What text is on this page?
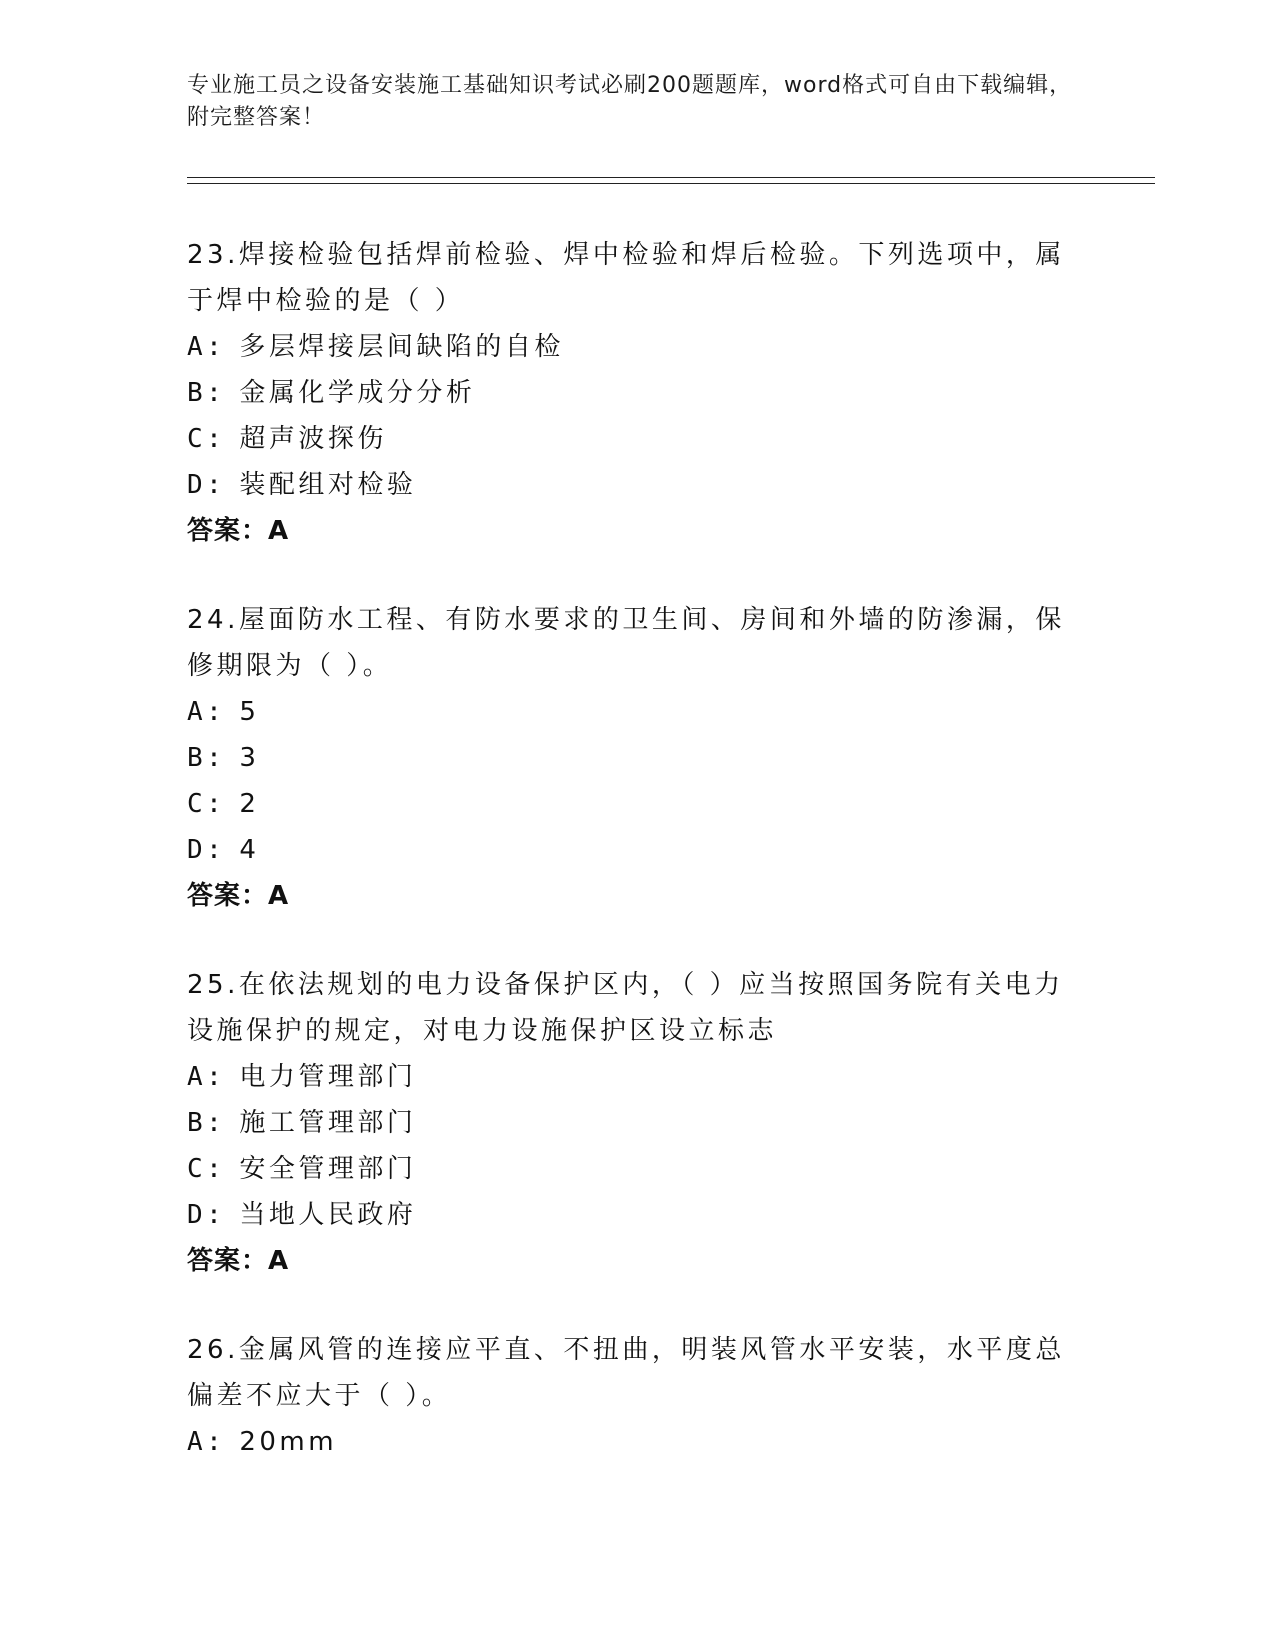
专业施工员之设备安装施工基础知识考试必刷200题题库，word格式可自由下载编辑，附完整答案！

23.焊接检验包括焊前检验、焊中检验和焊后检验。下列选项中，属于焊中检验的是（ ）

A: 多层焊接层间缺陷的自检

B: 金属化学成分分析

C: 超声波探伤

D: 装配组对检验

答案：A

24.屋面防水工程、有防水要求的卫生间、房间和外墙的防渗漏，保修期限为（ ）。

A: 5

B: 3

C: 2

D: 4

答案：A

25.在依法规划的电力设备保护区内，（ ）应当按照国务院有关电力设施保护的规定，对电力设施保护区设立标志

A: 电力管理部门

B: 施工管理部门

C: 安全管理部门

D: 当地人民政府

答案：A

26.金属风管的连接应平直、不扭曲，明装风管水平安装，水平度总偏差不应大于（ ）。

A: 20mm
